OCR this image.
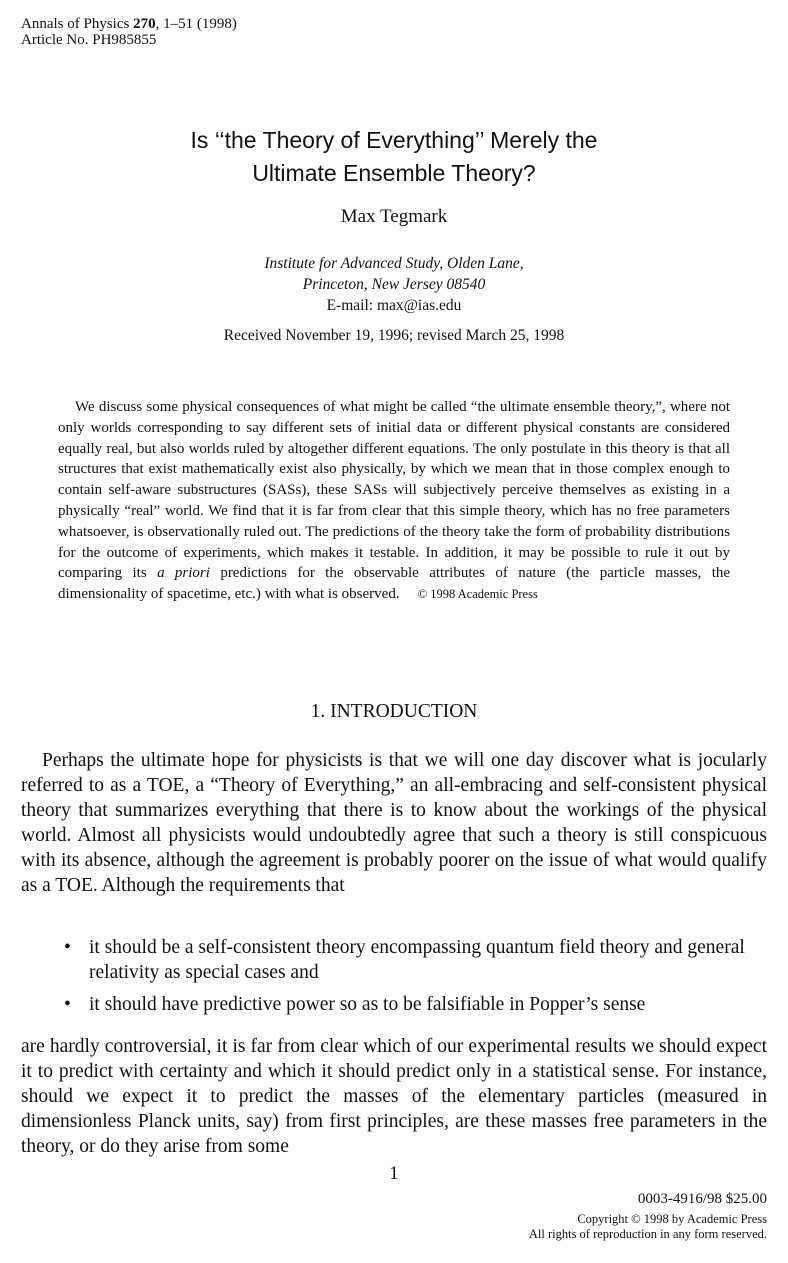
Annals of Physics 270, 1–51 (1998)
Article No. PH985855
Is ‘‘the Theory of Everything’’ Merely the
Ultimate Ensemble Theory?
Max Tegmark
Institute for Advanced Study, Olden Lane,
Princeton, New Jersey 08540
E-mail: max@ias.edu
Received November 19, 1996; revised March 25, 1998
We discuss some physical consequences of what might be called “the ultimate ensemble theory,”, where not only worlds corresponding to say different sets of initial data or different physical constants are considered equally real, but also worlds ruled by altogether different equations. The only postulate in this theory is that all structures that exist mathematically exist also physically, by which we mean that in those complex enough to contain self-aware substructures (SASs), these SASs will subjectively perceive themselves as existing in a physically “real” world. We find that it is far from clear that this simple theory, which has no free parameters whatsoever, is observationally ruled out. The predictions of the theory take the form of probability distributions for the outcome of experiments, which makes it testable. In addition, it may be possible to rule it out by comparing its a priori predictions for the observable attributes of nature (the particle masses, the dimensionality of spacetime, etc.) with what is observed. © 1998 Academic Press
1. INTRODUCTION
Perhaps the ultimate hope for physicists is that we will one day discover what is jocularly referred to as a TOE, a “Theory of Everything,” an all-embracing and self-consistent physical theory that summarizes everything that there is to know about the workings of the physical world. Almost all physicists would undoubtedly agree that such a theory is still conspicuous with its absence, although the agreement is probably poorer on the issue of what would qualify as a TOE. Although the requirements that
• it should be a self-consistent theory encompassing quantum field theory and general relativity as special cases and
• it should have predictive power so as to be falsifiable in Popper’s sense
are hardly controversial, it is far from clear which of our experimental results we should expect it to predict with certainty and which it should predict only in a statistical sense. For instance, should we expect it to predict the masses of the elementary particles (measured in dimensionless Planck units, say) from first principles, are these masses free parameters in the theory, or do they arise from some
1
0003-4916/98 $25.00
Copyright © 1998 by Academic Press
All rights of reproduction in any form reserved.
